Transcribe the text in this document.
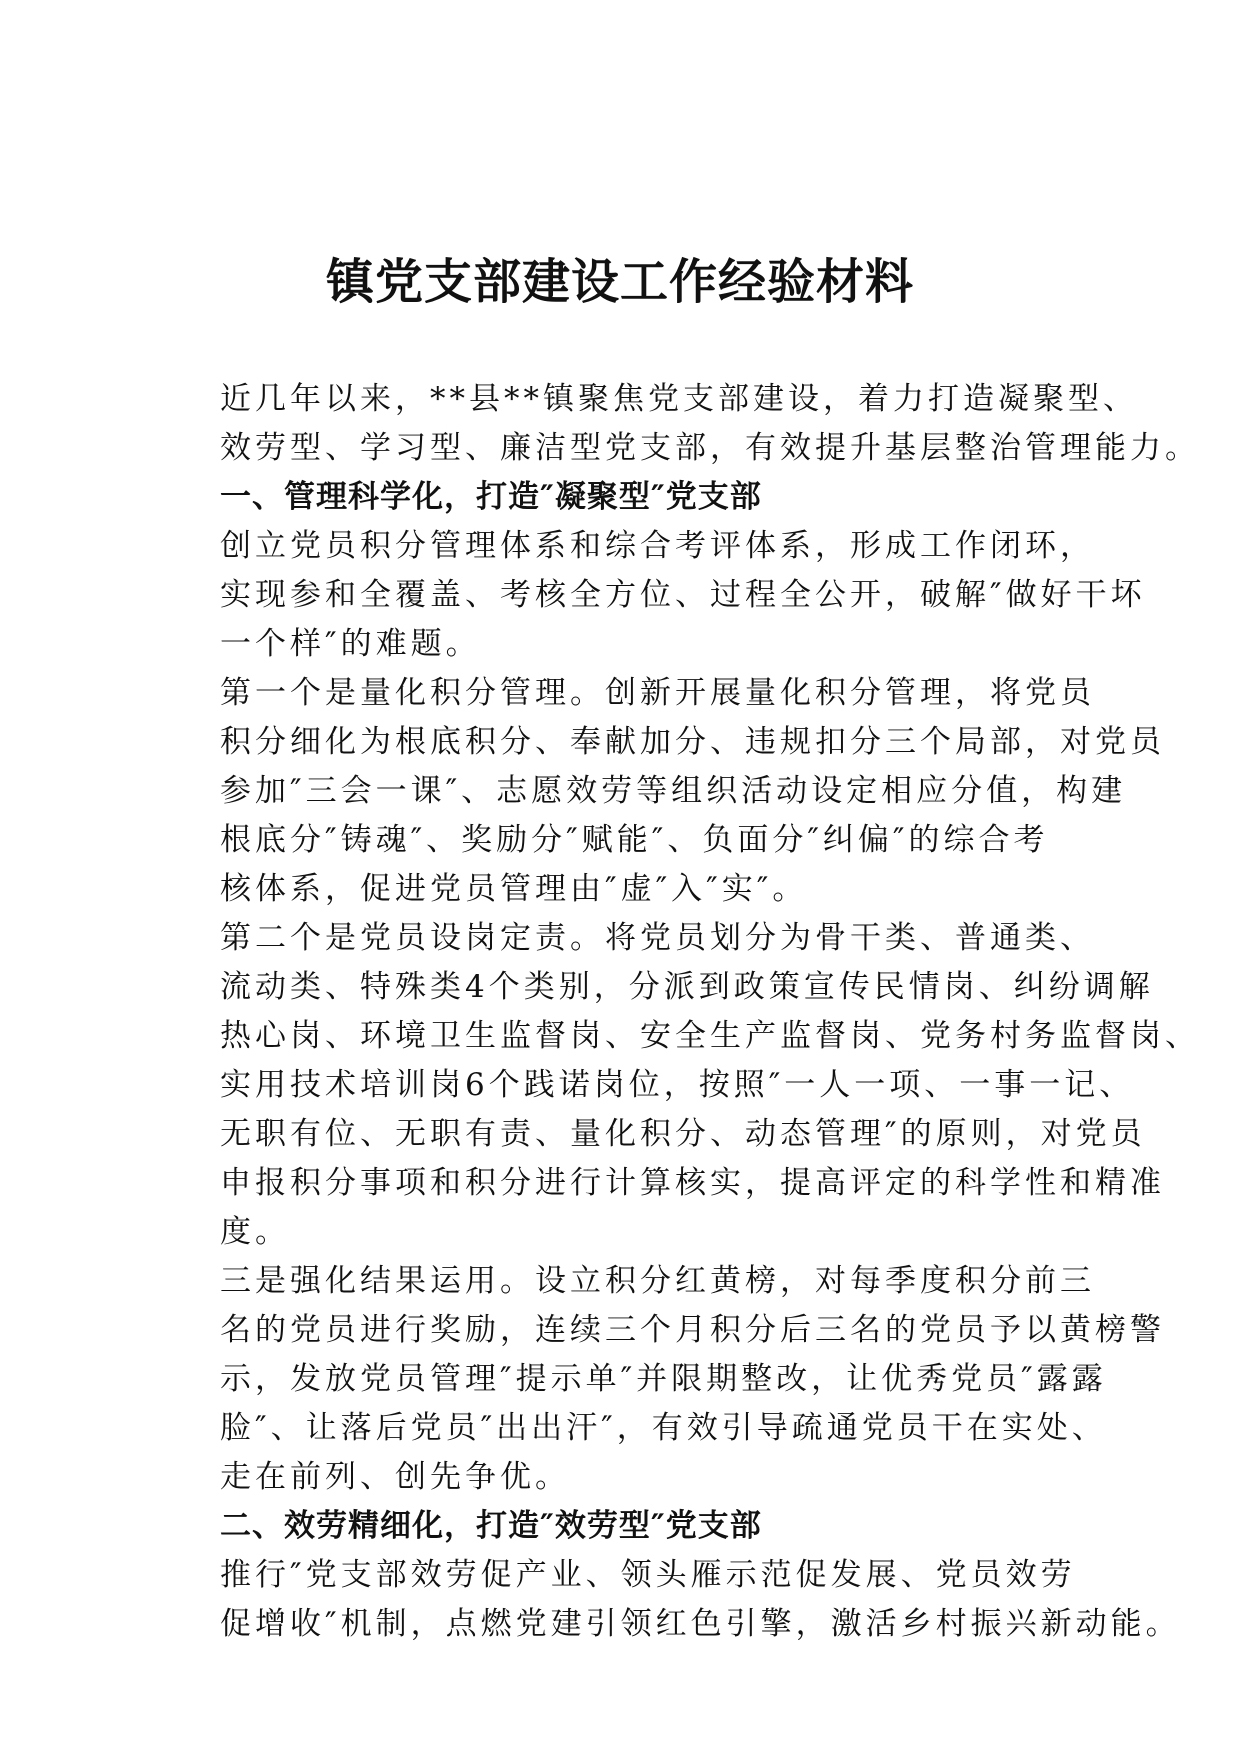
镇党支部建设工作经验材料

近几年以来，**县**镇聚焦党支部建设，着力打造凝聚型、
效劳型、学习型、廉洁型党支部，有效提升基层整治管理能力。

一、管理科学化，打造″凝聚型″党支部

创立党员积分管理体系和综合考评体系，形成工作闭环，
实现参和全覆盖、考核全方位、过程全公开，破解″做好干坏
一个样″的难题。

第一个是量化积分管理。创新开展量化积分管理，将党员
积分细化为根底积分、奉献加分、违规扣分三个局部，对党员
参加″三会一课″、志愿效劳等组织活动设定相应分值，构建
根底分″铸魂″、奖励分″赋能″、负面分″纠偏″的综合考
核体系，促进党员管理由″虚″入″实″。

第二个是党员设岗定责。将党员划分为骨干类、普通类、
流动类、特殊类4个类别，分派到政策宣传民情岗、纠纷调解
热心岗、环境卫生监督岗、安全生产监督岗、党务村务监督岗、
实用技术培训岗6个践诺岗位，按照″一人一项、一事一记、
无职有位、无职有责、量化积分、动态管理″的原则，对党员
申报积分事项和积分进行计算核实，提高评定的科学性和精准
度。

三是强化结果运用。设立积分红黄榜，对每季度积分前三
名的党员进行奖励，连续三个月积分后三名的党员予以黄榜警
示，发放党员管理″提示单″并限期整改，让优秀党员″露露
脸″、让落后党员″出出汗″，有效引导疏通党员干在实处、
走在前列、创先争优。

二、效劳精细化，打造″效劳型″党支部

推行″党支部效劳促产业、领头雁示范促发展、党员效劳
促增收″机制，点燃党建引领红色引擎，激活乡村振兴新动能。
